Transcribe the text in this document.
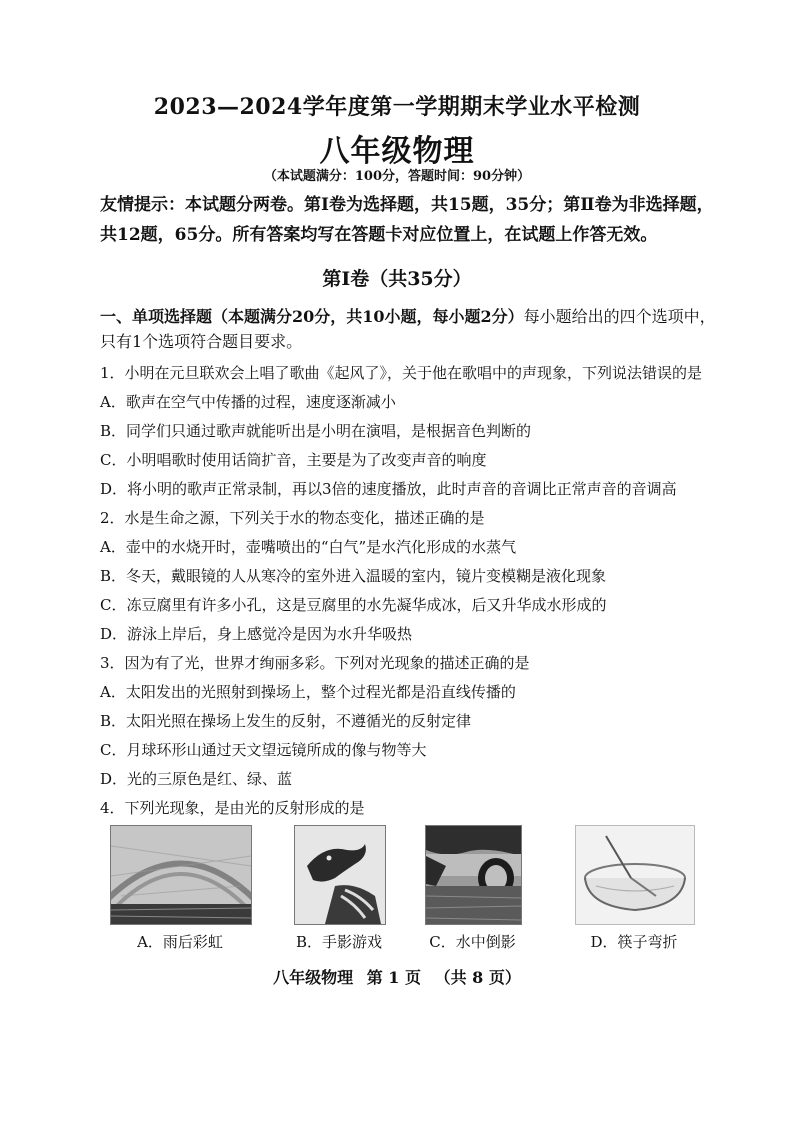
2023—2024学年度第一学期期末学业水平检测
八年级物理
（本试题满分：100分，答题时间：90分钟）
友情提示：本试题分两卷。第Ⅰ卷为选择题，共15题，35分；第Ⅱ卷为非选择题，共12题，65分。所有答案均写在答题卡对应位置上，在试题上作答无效。
第Ⅰ卷（共35分）
一、单项选择题（本题满分20分，共10小题，每小题2分）每小题给出的四个选项中，只有1个选项符合题目要求。
1．小明在元旦联欢会上唱了歌曲《起风了》，关于他在歌唱中的声现象，下列说法错误的是
A．歌声在空气中传播的过程，速度逐渐减小
B．同学们只通过歌声就能听出是小明在演唱，是根据音色判断的
C．小明唱歌时使用话筒扩音，主要是为了改变声音的响度
D．将小明的歌声正常录制，再以3倍的速度播放，此时声音的音调比正常声音的音调高
2．水是生命之源，下列关于水的物态变化，描述正确的是
A．壶中的水烧开时，壶嘴喷出的“白气”是水汽化形成的水蒸气
B．冬天，戴眼镜的人从寒冷的室外进入温暖的室内，镜片变模糊是液化现象
C．冻豆腐里有许多小孔，这是豆腐里的水先凝华成冰，后又升华成水形成的
D．游泳上岸后，身上感觉冷是因为水升华吸热
3．因为有了光，世界才绚丽多彩。下列对光现象的描述正确的是
A．太阳发出的光照射到操场上，整个过程光都是沿直线传播的
B．太阳光照在操场上发生的反射，不遵循光的反射定律
C．月球环形山通过天文望远镜所成的像与物等大
D．光的三原色是红、绿、蓝
4．下列光现象，是由光的反射形成的是
A．雨后彩虹	B．手影游戏	C．水中倒影	D．筷子弯折
八年级物理 第 1 页 （共 8 页）
